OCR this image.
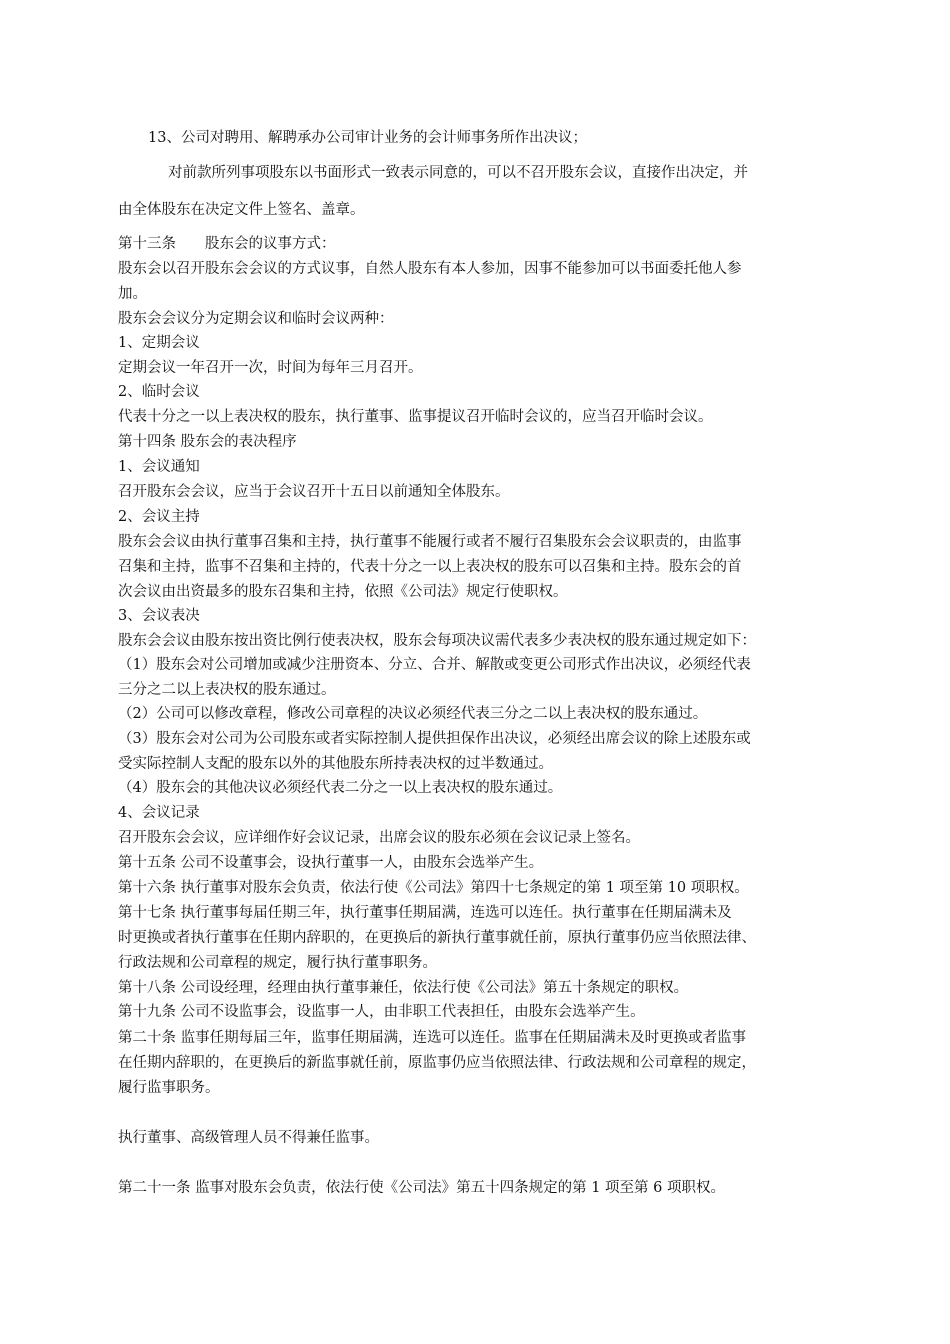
13、公司对聘用、解聘承办公司审计业务的会计师事务所作出决议；
对前款所列事项股东以书面形式一致表示同意的，可以不召开股东会议，直接作出决定，并
由全体股东在决定文件上签名、盖章。
第十三条　　股东会的议事方式：
股东会以召开股东会会议的方式议事，自然人股东有本人参加，因事不能参加可以书面委托他人参
加。
股东会会议分为定期会议和临时会议两种：
1、定期会议
定期会议一年召开一次，时间为每年三月召开。
2、临时会议
代表十分之一以上表决权的股东，执行董事、监事提议召开临时会议的，应当召开临时会议。
第十四条 股东会的表决程序
1、会议通知
召开股东会会议，应当于会议召开十五日以前通知全体股东。
2、会议主持
股东会会议由执行董事召集和主持，执行董事不能履行或者不履行召集股东会会议职责的，由监事
召集和主持，监事不召集和主持的，代表十分之一以上表决权的股东可以召集和主持。股东会的首
次会议由出资最多的股东召集和主持，依照《公司法》规定行使职权。
3、会议表决
股东会会议由股东按出资比例行使表决权，股东会每项决议需代表多少表决权的股东通过规定如下：
（1）股东会对公司增加或减少注册资本、分立、合并、解散或变更公司形式作出决议，必须经代表
三分之二以上表决权的股东通过。
（2）公司可以修改章程，修改公司章程的决议必须经代表三分之二以上表决权的股东通过。
（3）股东会对公司为公司股东或者实际控制人提供担保作出决议，必须经出席会议的除上述股东或
受实际控制人支配的股东以外的其他股东所持表决权的过半数通过。
（4）股东会的其他决议必须经代表二分之一以上表决权的股东通过。
4、会议记录
召开股东会会议，应详细作好会议记录，出席会议的股东必须在会议记录上签名。
第十五条 公司不设董事会，设执行董事一人，由股东会选举产生。
第十六条 执行董事对股东会负责，依法行使《公司法》第四十七条规定的第 1 项至第 10 项职权。
第十七条 执行董事每届任期三年，执行董事任期届满，连选可以连任。执行董事在任期届满未及
时更换或者执行董事在任期内辞职的，在更换后的新执行董事就任前，原执行董事仍应当依照法律、
行政法规和公司章程的规定，履行执行董事职务。
第十八条 公司设经理，经理由执行董事兼任，依法行使《公司法》第五十条规定的职权。
第十九条 公司不设监事会，设监事一人，由非职工代表担任，由股东会选举产生。
第二十条 监事任期每届三年，监事任期届满，连选可以连任。监事在任期届满未及时更换或者监事
在任期内辞职的，在更换后的新监事就任前，原监事仍应当依照法律、行政法规和公司章程的规定，
履行监事职务。
执行董事、高级管理人员不得兼任监事。
第二十一条 监事对股东会负责，依法行使《公司法》第五十四条规定的第 1 项至第 6 项职权。
